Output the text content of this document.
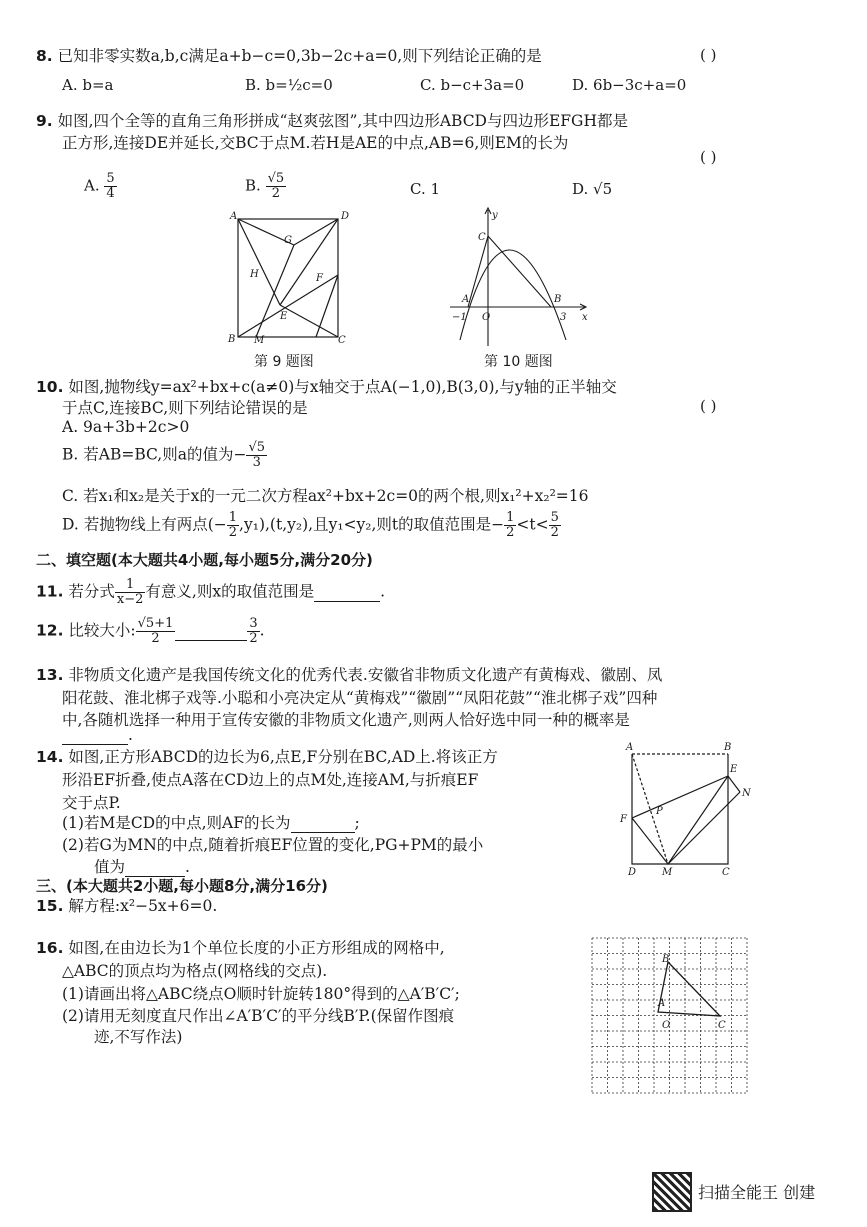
8. 已知非零实数a,b,c满足a+b−c=0,3b−2c+a=0,则下列结论正确的是	( )
A. b=a	B. b=½c=0	C. b−c+3a=0	D. 6b−3c+a=0
9. 如图,四个全等的直角三角形拼成“赵爽弦图”,其中四边形ABCD与四边形EFGH都是
正方形,连接DE并延长,交BC于点M.若H是AE的中点,AB=6,则EM的长为
( )
A. $\frac{5}{4}$	B. $\frac{√5}{2}$	C. 1	D. √5
A	D
G
H	F
E
B M	C
第 9 题图
y
C
A	B
−1 O	3 x
第 10 题图
10. 如图,抛物线y=ax²+bx+c(a≠0)与x轴交于点A(−1,0),B(3,0),与y轴的正半轴交
于点C,连接BC,则下列结论错误的是	( )
A. 9a+3b+2c>0
B. 若AB=BC,则a的值为− $\frac{√5}{3}$
C. 若x₁和x₂是关于x的一元二次方程ax²+bx+2c=0的两个根,则x₁²+x₂²=16
D. 若抛物线上有两点(− $\frac{1}{2} ,y_1),(t,y_2)$,且y₁<y₂,则t的取值范围是− $\frac{1}{2} <t< \frac{5}{2}$
二、填空题(本大题共4小题,每小题5分,满分20分)
11. 若分式 $\frac{1}{x-2}$ 有意义,则x的取值范围是	.
12. 比较大小: $\frac{√5+1}{2}$
	$\frac{3}{2}$ .
13. 非物质文化遗产是我国传统文化的优秀代表.安徽省非物质文化遗产有黄梅戏、徽剧、凤
阳花鼓、淮北梆子戏等.小聪和小亮决定从“黄梅戏”“徽剧”“凤阳花鼓”“淮北梆子戏”四种
中,各随机选择一种用于宣传安徽的非物质文化遗产,则两人恰好选中同一种的概率是
.
14. 如图,正方形ABCD的边长为6,点E,F分别在BC,AD上.将该正方
形沿EF折叠,使点A落在CD边上的点M处,连接AM,与折痕EF
交于点P.
(1)若M是CD的中点,则AF的长为	;
(2)若G为MN的中点,随着折痕EF位置的变化,PG+PM的最小
值为	.
A	B
E
N
F
P
D	M	C
三、(本大题共2小题,每小题8分,满分16分)
15. 解方程:x²−5x+6=0.
16. 如图,在由边长为1个单位长度的小正方形组成的网格中,
△ABC的顶点均为格点(网格线的交点).
(1)请画出将△ABC绕点O顺时针旋转180°得到的△A′B′C′;
(2)请用无刻度直尺作出∠A′B′C′的平分线B′P.(保留作图痕
迹,不写作法)
B
A
O	C
扫描全能王 创建
